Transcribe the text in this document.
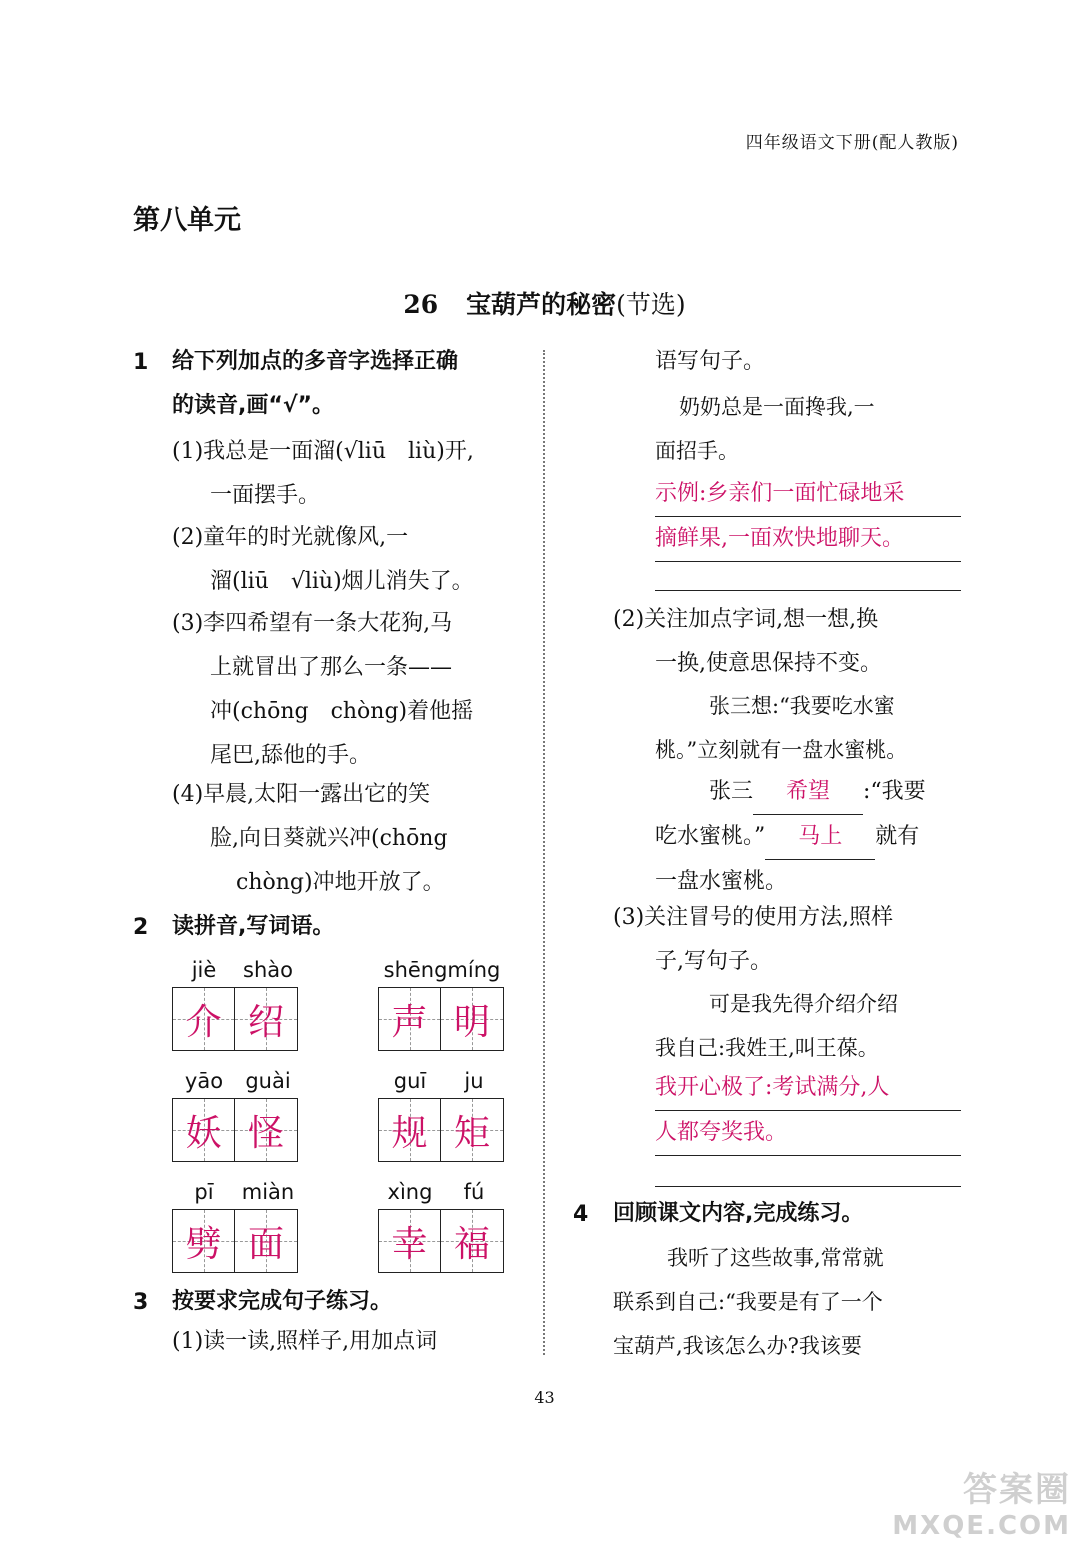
四年级语文下册(配人教版)
第八单元
26 宝葫芦的秘密(节选)
1 给下列加点的多音字选择正确
的读音,画“√”。
(1)我总是一面溜(√liū　liù)开,
一面摆手。
(2)童年的时光就像风,一
溜(liū　√liù)烟儿消失了。
(3)李四希望有一条大花狗,马
上就冒出了那么一条——
冲(chōng　chòng)着他摇
尾巴,舔他的手。
(4)早晨,太阳一露出它的笑
脸,向日葵就兴冲(chōng
chòng)冲地开放了。
2 读拼音,写词语。
jiè	shào
介 绍
shēngmíng
声 明
yāo	guài
妖 怪
guī	ju
规 矩
pī	miàn
劈 面
xìng	fú
幸 福
3 按要求完成句子练习。
(1)读一读,照样子,用加点词
语写句子。
奶奶总是一面搀我,一
面招手。
示例:乡亲们一面忙碌地采
摘鲜果,一面欢快地聊天。
(2)关注加点字词,想一想,换
一换,使意思保持不变。
张三想:“我要吃水蜜
桃。”立刻就有一盘水蜜桃。
张三 希望 :“我要
吃水蜜桃。” 马上 就有
一盘水蜜桃。
(3)关注冒号的使用方法,照样
子,写句子。
可是我先得介绍介绍
我自己:我姓王,叫王葆。
我开心极了:考试满分,人
人都夸奖我。
4 回顾课文内容,完成练习。
我听了这些故事,常常就
联系到自己:“我要是有了一个
宝葫芦,我该怎么办?我该要
43
答案圈
MXQE.COM
